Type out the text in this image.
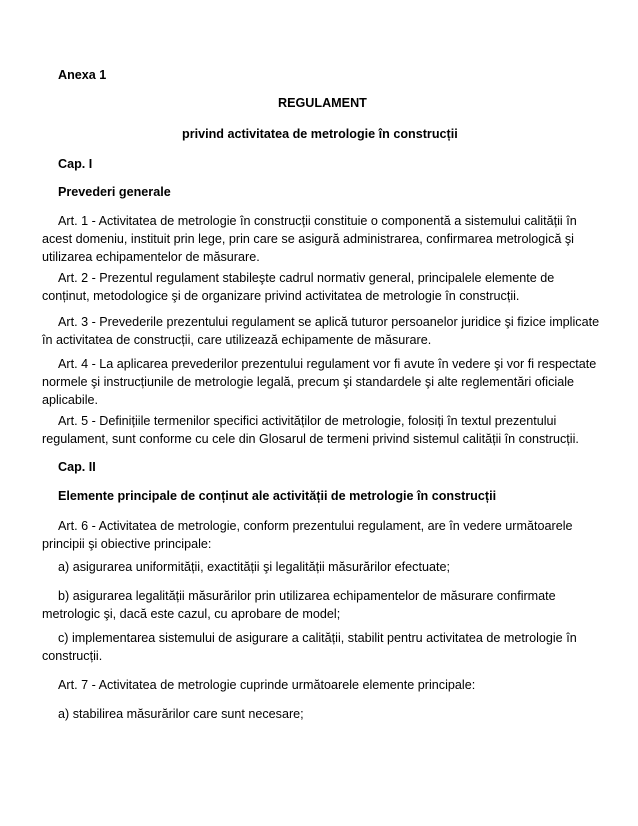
Anexa 1

REGULAMENT

privind activitatea de metrologie în construcții

Cap. I

Prevederi generale

Art. 1 - Activitatea de metrologie în construcții constituie o componentă a sistemului calității în acest domeniu, instituit prin lege, prin care se asigură administrarea, confirmarea metrologică şi utilizarea echipamentelor de măsurare.

Art. 2 - Prezentul regulament stabileşte cadrul normativ general, principalele elemente de conținut, metodologice şi de organizare privind activitatea de metrologie în construcții.

Art. 3 - Prevederile prezentului regulament se aplică tuturor persoanelor juridice şi fizice implicate în activitatea de construcții, care utilizează echipamente de măsurare.

Art. 4 - La aplicarea prevederilor prezentului regulament vor fi avute în vedere şi vor fi respectate normele şi instrucțiunile de metrologie legală, precum şi standardele şi alte reglementări oficiale aplicabile.

Art. 5 - Definițiile termenilor specifici activităților de metrologie, folosiți în textul prezentului regulament, sunt conforme cu cele din Glosarul de termeni privind sistemul calității în construcții.

Cap. II

Elemente principale de conținut ale activității de metrologie în construcții

Art. 6 - Activitatea de metrologie, conform prezentului regulament, are în vedere următoarele principii şi obiective principale:

a) asigurarea uniformității, exactității şi legalității măsurărilor efectuate;

b) asigurarea legalității măsurărilor prin utilizarea echipamentelor de măsurare confirmate metrologic şi, dacă este cazul, cu aprobare de model;

c) implementarea sistemului de asigurare a calității, stabilit pentru activitatea de metrologie în construcții.

Art. 7 - Activitatea de metrologie cuprinde următoarele elemente principale:

a) stabilirea măsurărilor care sunt necesare;
